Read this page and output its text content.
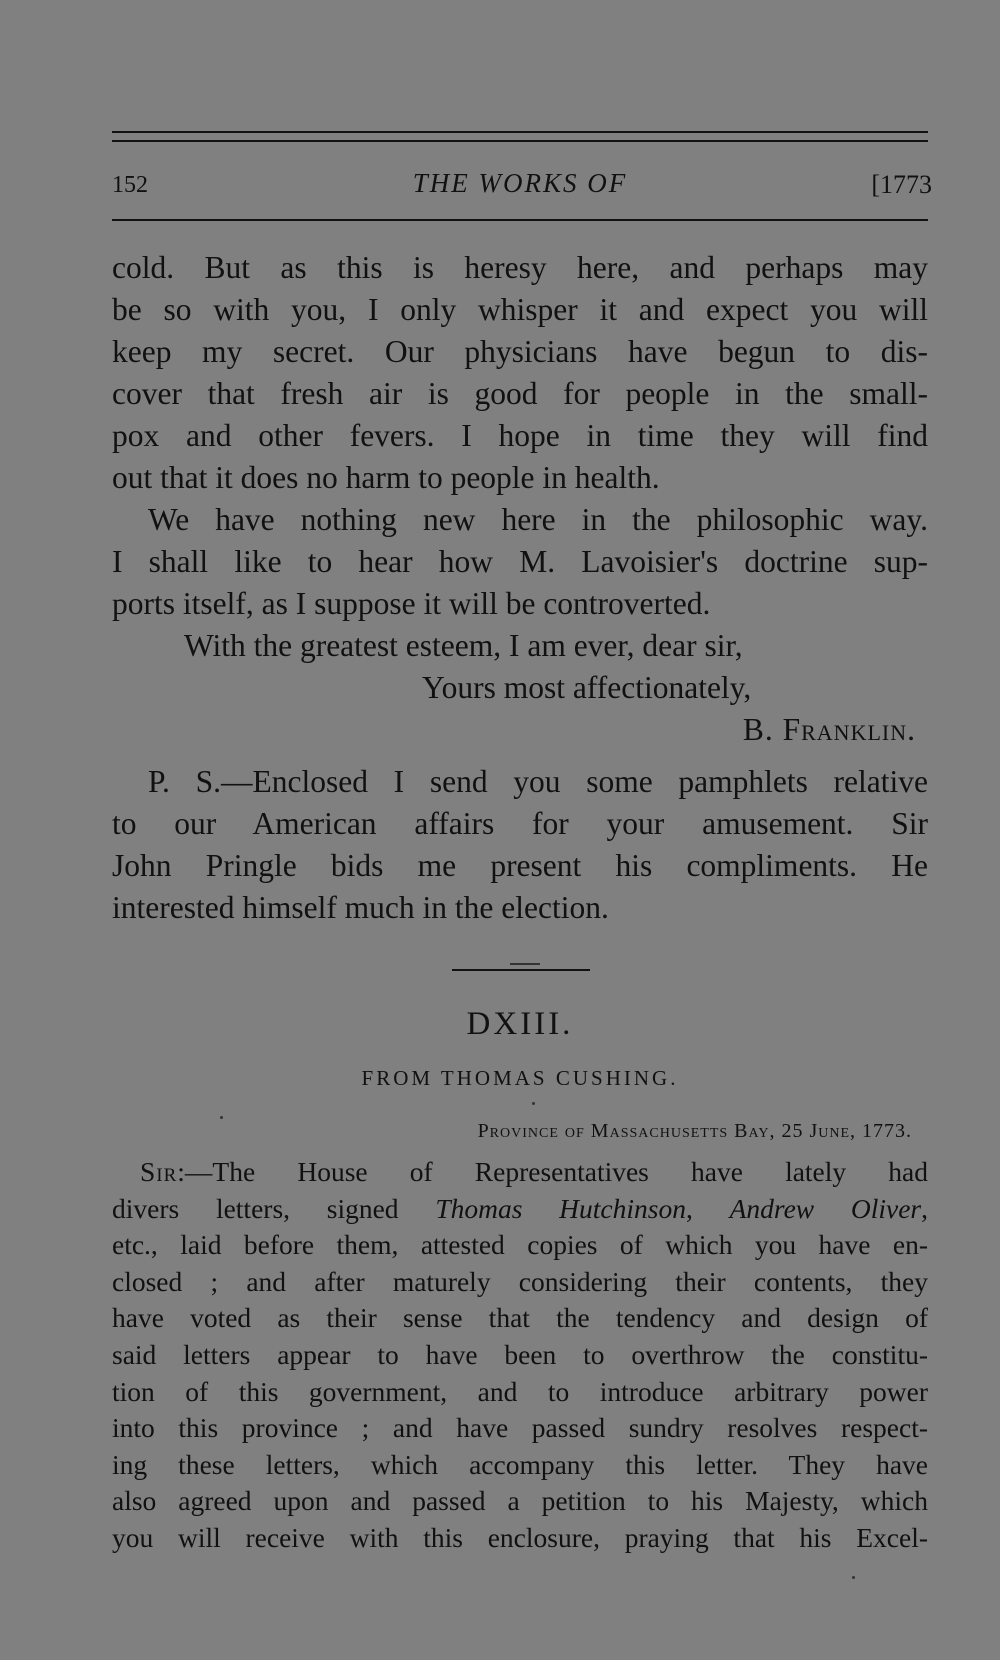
152	THE WORKS OF	[1773
cold. But as this is heresy here, and perhaps may
be so with you, I only whisper it and expect you will
keep my secret. Our physicians have begun to dis-
cover that fresh air is good for people in the small-
pox and other fevers. I hope in time they will find
out that it does no harm to people in health.
We have nothing new here in the philosophic way.
I shall like to hear how M. Lavoisier's doctrine sup-
ports itself, as I suppose it will be controverted.
With the greatest esteem, I am ever, dear sir,
Yours most affectionately,
B. Franklin.
P. S.—Enclosed I send you some pamphlets relative
to our American affairs for your amusement. Sir
John Pringle bids me present his compliments. He
interested himself much in the election.
DXIII.
FROM THOMAS CUSHING.
Province of Massachusetts Bay, 25 June, 1773.
Sir:—The House of Representatives have lately had
divers letters, signed Thomas Hutchinson, Andrew Oliver,
etc., laid before them, attested copies of which you have en-
closed ; and after maturely considering their contents, they
have voted as their sense that the tendency and design of
said letters appear to have been to overthrow the constitu-
tion of this government, and to introduce arbitrary power
into this province ; and have passed sundry resolves respect-
ing these letters, which accompany this letter. They have
also agreed upon and passed a petition to his Majesty, which
you will receive with this enclosure, praying that his Excel-
